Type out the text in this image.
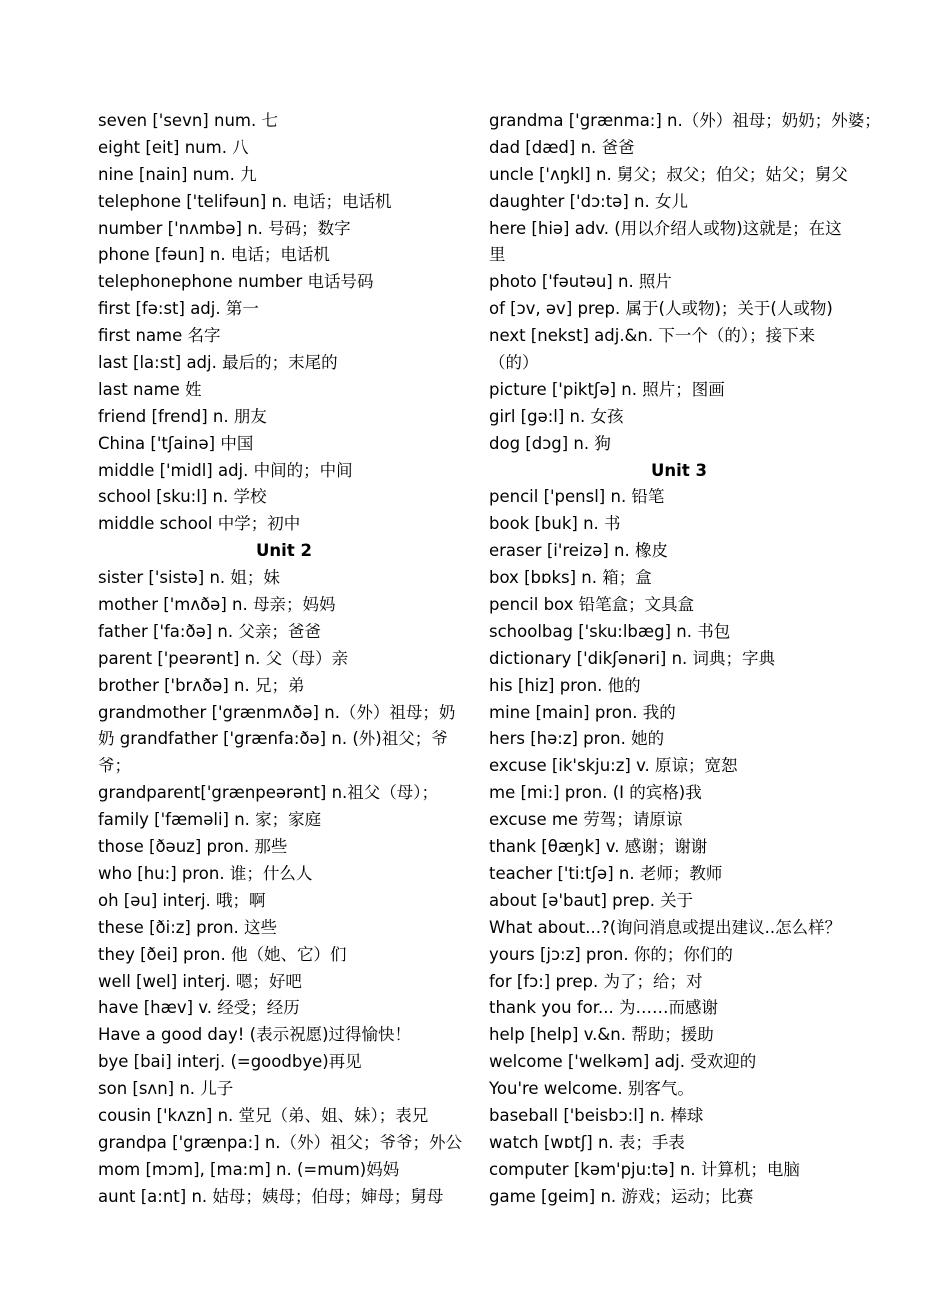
seven ['sevn] num. 七
eight [eit] num. 八
nine [nain] num. 九
telephone ['telifəun] n. 电话；电话机
number ['nʌmbə] n. 号码；数字
phone [fəun] n. 电话；电话机
telephonephone number 电话号码
first [fə:st] adj. 第一
first name 名字
last [la:st] adj. 最后的；末尾的
last name 姓
friend [frend] n. 朋友
China ['tʃainə] 中国
middle ['midl] adj. 中间的；中间
school [sku:l] n. 学校
middle school 中学；初中
Unit 2
sister ['sistə] n. 姐；妹
mother ['mʌðə] n. 母亲；妈妈
father ['fa:ðə] n. 父亲；爸爸
parent ['peərənt] n. 父（母）亲
brother ['brʌðə] n. 兄；弟
grandmother ['grænmʌðə] n.（外）祖母；奶
奶 grandfather ['grænfa:ðə] n. (外)祖父；爷
爷；
grandparent['grænpeərənt] n.祖父（母）；
family ['fæməli] n. 家；家庭
those [ðəuz] pron. 那些
who [hu:] pron. 谁；什么人
oh [əu] interj. 哦；啊
these [ði:z] pron. 这些
they [ðei] pron. 他（她、它）们
well [wel] interj. 嗯；好吧
have [hæv] v. 经受；经历
Have a good day! (表示祝愿)过得愉快！
bye [bai] interj. (=goodbye)再见
son [sʌn] n. 儿子
cousin ['kʌzn] n. 堂兄（弟、姐、妹）；表兄
grandpa ['grænpa:] n.（外）祖父；爷爷；外公
mom [mɔm], [ma:m] n. (=mum)妈妈
aunt [a:nt] n. 姑母；姨母；伯母；婶母；舅母
grandma ['grænma:] n.（外）祖母；奶奶；外婆；
dad [dæd] n. 爸爸
uncle ['ʌŋkl] n. 舅父；叔父；伯父；姑父；舅父
daughter ['dɔ:tə] n. 女儿
here [hiə] adv. (用以介绍人或物)这就是；在这
里
photo ['fəutəu] n. 照片
of [ɔv, əv] prep. 属于(人或物)；关于(人或物)
next [nekst] adj.&n. 下一个（的）；接下来
（的）
picture ['piktʃə] n. 照片；图画
girl [gə:l] n. 女孩
dog [dɔg] n. 狗
Unit 3
pencil ['pensl] n. 铅笔
book [buk] n. 书
eraser [i'reizə] n. 橡皮
box [bɒks] n. 箱；盒
pencil box 铅笔盒；文具盒
schoolbag ['sku:lbæg] n. 书包
dictionary ['dikʃənəri] n. 词典；字典
his [hiz] pron. 他的
mine [main] pron. 我的
hers [hə:z] pron. 她的
excuse [ik'skju:z] v. 原谅；宽恕
me [mi:] pron. (I 的宾格)我
excuse me 劳驾；请原谅
thank [θæŋk] v. 感谢；谢谢
teacher ['ti:tʃə] n. 老师；教师
about [ə'baut] prep. 关于
What about...?(询问消息或提出建议..怎么样？
yours [jɔ:z] pron. 你的；你们的
for [fɔ:] prep. 为了；给；对
thank you for... 为……而感谢
help [help] v.&n. 帮助；援助
welcome ['welkəm] adj. 受欢迎的
You're welcome. 别客气。
baseball ['beisbɔ:l] n. 棒球
watch [wɒtʃ] n. 表；手表
computer [kəm'pju:tə] n. 计算机；电脑
game [geim] n. 游戏；运动；比赛
